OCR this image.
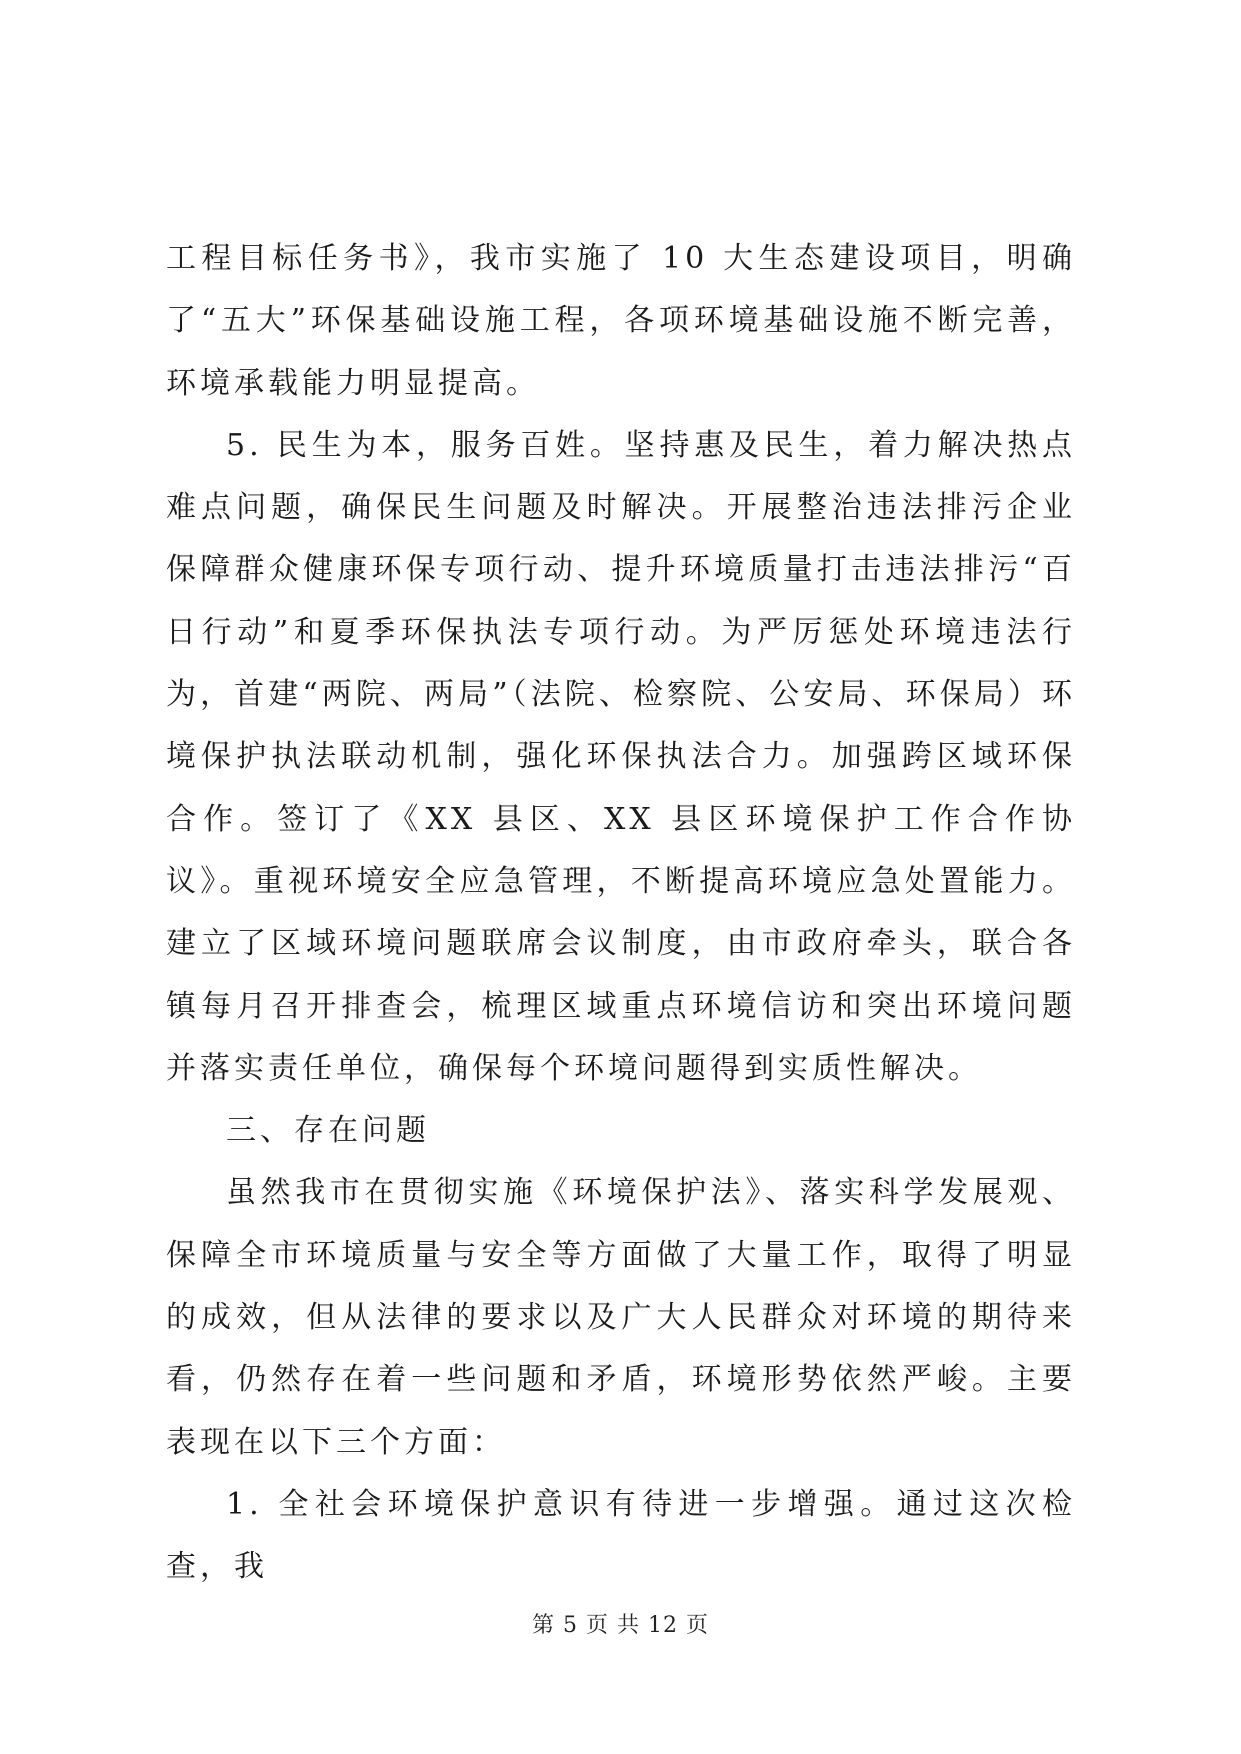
工程目标任务书》，我市实施了 10 大生态建设项目，明确了“五大”环保基础设施工程，各项环境基础设施不断完善，环境承载能力明显提高。

5. 民生为本，服务百姓。坚持惠及民生，着力解决热点难点问题，确保民生问题及时解决。开展整治违法排污企业保障群众健康环保专项行动、提升环境质量打击违法排污“百日行动”和夏季环保执法专项行动。为严厉惩处环境违法行为，首建“两院、两局”（法院、检察院、公安局、环保局）环境保护执法联动机制，强化环保执法合力。加强跨区域环保合作。签订了《XX 县区、XX 县区环境保护工作合作协议》。重视环境安全应急管理，不断提高环境应急处置能力。建立了区域环境问题联席会议制度，由市政府牵头，联合各镇每月召开排查会，梳理区域重点环境信访和突出环境问题并落实责任单位，确保每个环境问题得到实质性解决。

三、存在问题

虽然我市在贯彻实施《环境保护法》、落实科学发展观、保障全市环境质量与安全等方面做了大量工作，取得了明显的成效，但从法律的要求以及广大人民群众对环境的期待来看，仍然存在着一些问题和矛盾，环境形势依然严峻。主要表现在以下三个方面：

1. 全社会环境保护意识有待进一步增强。通过这次检查，我

第 5 页 共 12 页
